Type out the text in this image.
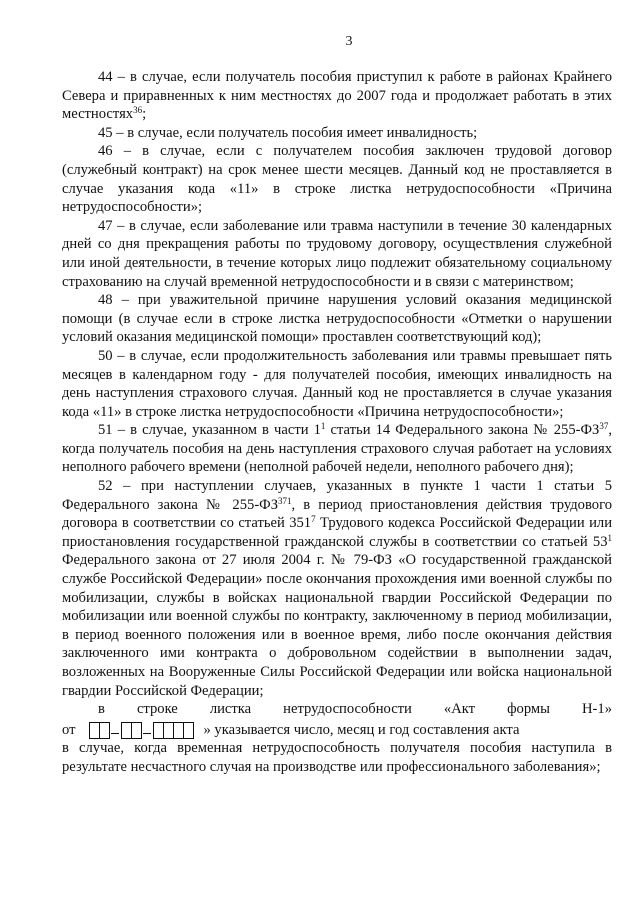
3

44 – в случае, если получатель пособия приступил к работе в районах Крайнего Севера и приравненных к ним местностях до 2007 года и продолжает работать в этих местностях$^{36}$;

45 – в случае, если получатель пособия имеет инвалидность;

46 – в случае, если с получателем пособия заключен трудовой договор (служебный контракт) на срок менее шести месяцев. Данный код не проставляется в случае указания кода «11» в строке листка нетрудоспособности «Причина нетрудоспособности»;

47 – в случае, если заболевание или травма наступили в течение 30 календарных дней со дня прекращения работы по трудовому договору, осуществления служебной или иной деятельности, в течение которых лицо подлежит обязательному социальному страхованию на случай временной нетрудоспособности и в связи с материнством;

48 – при уважительной причине нарушения условий оказания медицинской помощи (в случае если в строке листка нетрудоспособности «Отметки о нарушении условий оказания медицинской помощи» проставлен соответствующий код);

50 – в случае, если продолжительность заболевания или травмы превышает пять месяцев в календарном году - для получателей пособия, имеющих инвалидность на день наступления страхового случая. Данный код не проставляется в случае указания кода «11» в строке листка нетрудоспособности «Причина нетрудоспособности»;

51 – в случае, указанном в части $1^1$ статьи 14 Федерального закона № 255-ФЗ$^{37}$, когда получатель пособия на день наступления страхового случая работает на условиях неполного рабочего времени (неполной рабочей недели, неполного рабочего дня);

52 – при наступлении случаев, указанных в пункте 1 части 1 статьи 5 Федерального закона № 255-ФЗ$^{371}$, в период приостановления действия трудового договора в соответствии со статьей $351^7$ Трудового кодекса Российской Федерации или приостановления государственной гражданской службы в соответствии со статьей $53^1$ Федерального закона от 27 июля 2004 г. № 79-ФЗ «О государственной гражданской службе Российской Федерации» после окончания прохождения ими военной службы по мобилизации, службы в войсках национальной гвардии Российской Федерации по мобилизации или военной службы по контракту, заключенному в период мобилизации, в период военного положения или в военное время, либо после окончания действия заключенного ими контракта о добровольном содействии в выполнении задач, возложенных на Вооруженные Силы Российской Федерации или войска национальной гвардии Российской Федерации;

в строке листка нетрудоспособности «Акт формы Н-1»

от	» указывается число, месяц и год составления акта

в случае, когда временная нетрудоспособность получателя пособия наступила в результате несчастного случая на производстве или профессионального заболевания»;
